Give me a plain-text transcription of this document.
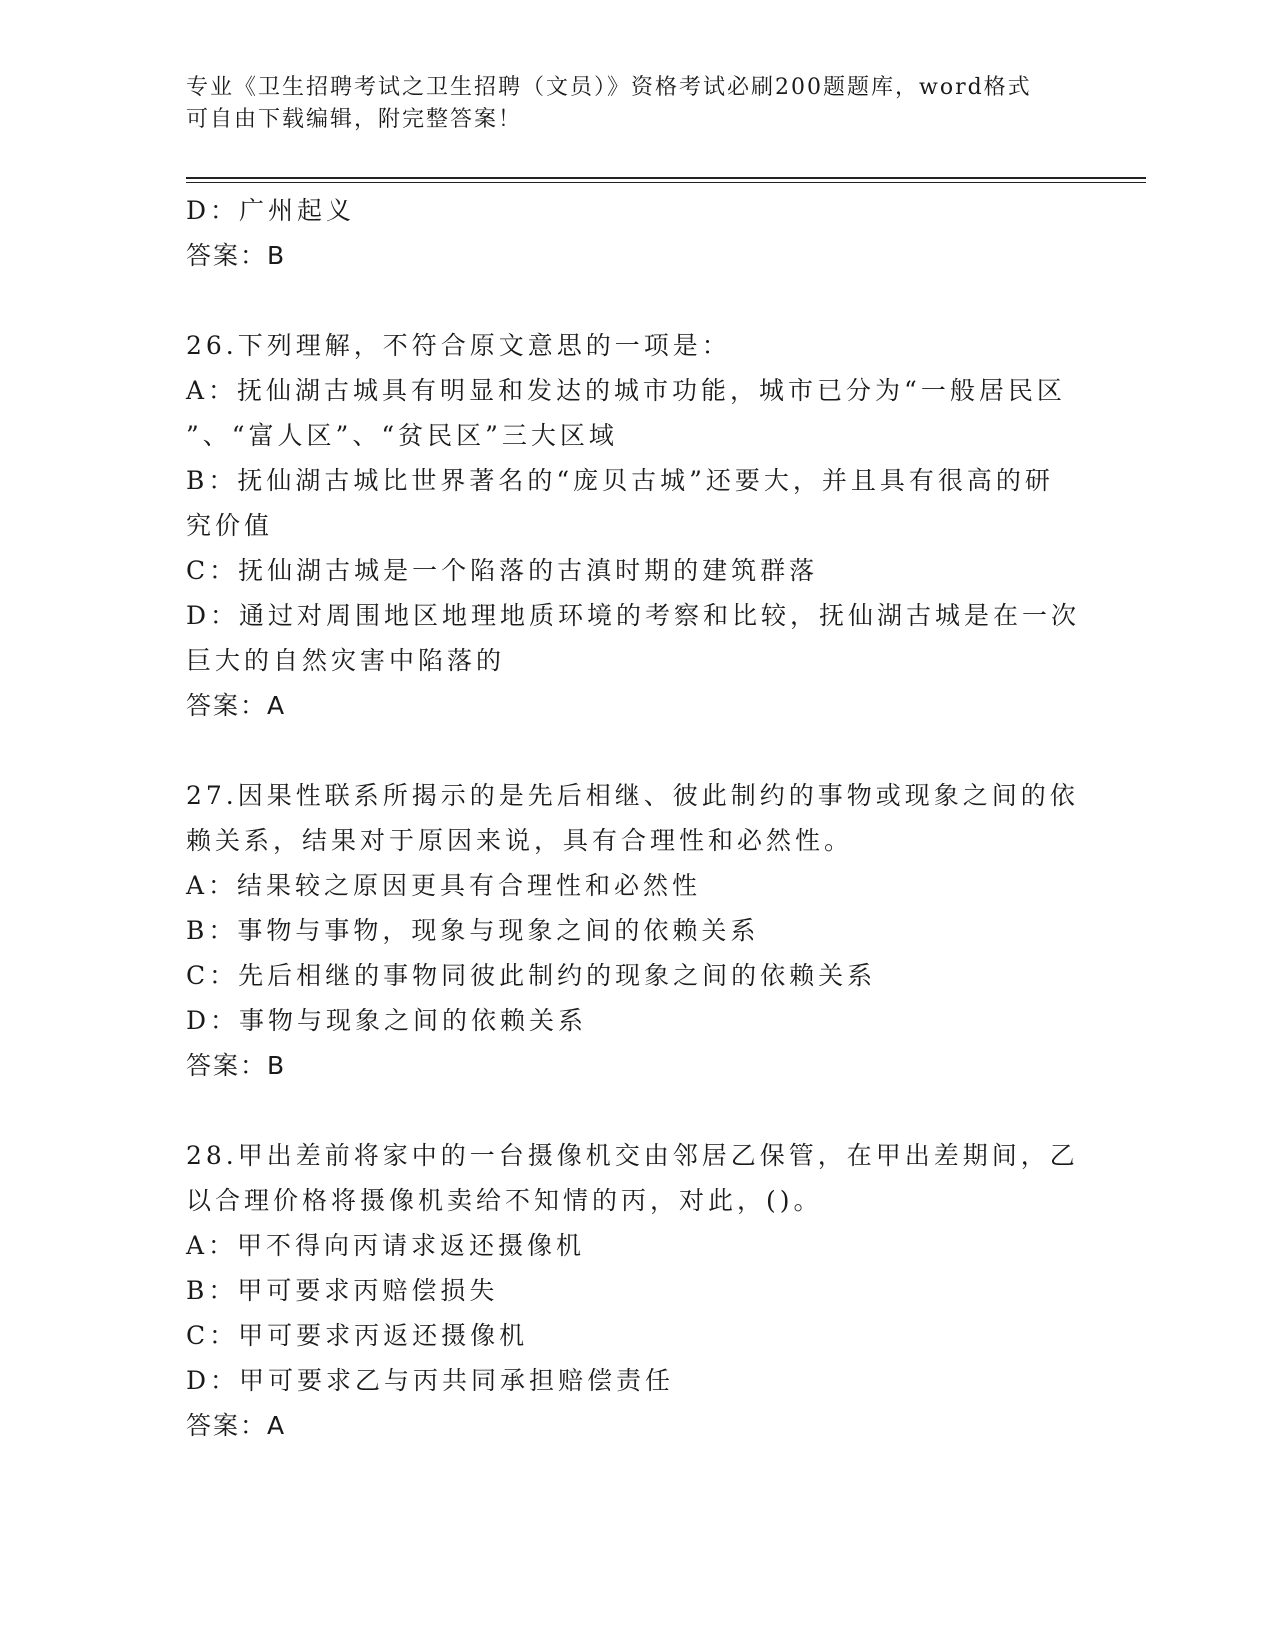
专业《卫生招聘考试之卫生招聘（文员）》资格考试必刷200题题库，word格式
可自由下载编辑，附完整答案！

D：广州起义

答案：B

26.下列理解，不符合原文意思的一项是：

A：抚仙湖古城具有明显和发达的城市功能，城市已分为“一般居民区

”、“富人区”、“贫民区”三大区域

B：抚仙湖古城比世界著名的“庞贝古城”还要大，并且具有很高的研

究价值

C：抚仙湖古城是一个陷落的古滇时期的建筑群落

D：通过对周围地区地理地质环境的考察和比较，抚仙湖古城是在一次

巨大的自然灾害中陷落的

答案：A

27.因果性联系所揭示的是先后相继、彼此制约的事物或现象之间的依

赖关系，结果对于原因来说，具有合理性和必然性。

A：结果较之原因更具有合理性和必然性

B：事物与事物，现象与现象之间的依赖关系

C：先后相继的事物同彼此制约的现象之间的依赖关系

D：事物与现象之间的依赖关系

答案：B

28.甲出差前将家中的一台摄像机交由邻居乙保管，在甲出差期间，乙

以合理价格将摄像机卖给不知情的丙，对此，()。

A：甲不得向丙请求返还摄像机

B：甲可要求丙赔偿损失

C：甲可要求丙返还摄像机

D：甲可要求乙与丙共同承担赔偿责任

答案：A
